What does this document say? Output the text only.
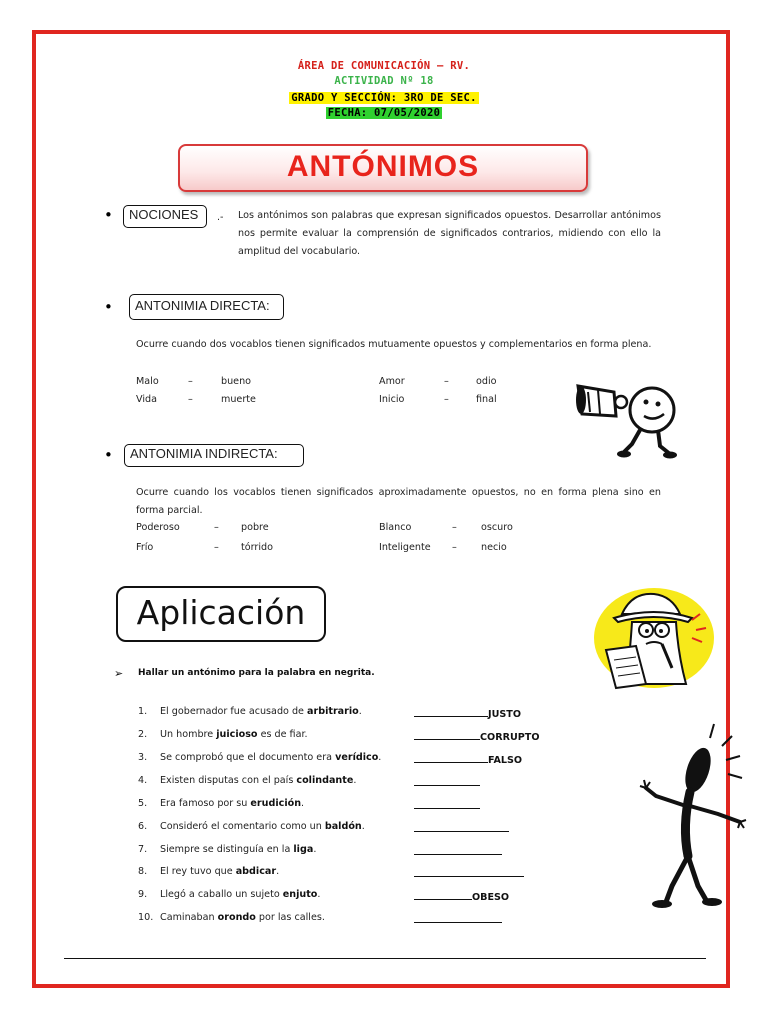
ÁREA DE COMUNICACIÓN – RV.
ACTIVIDAD Nº 18
GRADO Y SECCIÓN: 3RO DE SEC.
FECHA: 07/05/2020
ANTÓNIMOS
•	NOCIONES	.- Los antónimos son palabras que expresan significados opuestos. Desarrollar antónimos nos permite evaluar la comprensión de significados contrarios, midiendo con ello la amplitud del vocabulario.
•	ANTONIMIA DIRECTA:
Ocurre cuando dos vocablos tienen significados mutuamente opuestos y complementarios en forma plena.
Malo	–	bueno
Vida	–	muerte
Amor	–	odio
Inicio	–	final
•	ANTONIMIA INDIRECTA:
Ocurre cuando los vocablos tienen significados aproximadamente opuestos, no en forma plena sino en forma parcial.
Poderoso	– pobre
Frío	– tórrido
Blanco	–	oscuro
Inteligente –	necio
Aplicación
➢ Hallar un antónimo para la palabra en negrita.
1. El gobernador fue acusado de arbitrario.	JUSTO
2. Un hombre juicioso es de fiar.	CORRUPTO
3. Se comprobó que el documento era verídico.	FALSO
4. Existen disputas con el país colindante.
5. Era famoso por su erudición.
6. Consideró el comentario como un baldón.
7. Siempre se distinguía en la liga.
8. El rey tuvo que abdicar.
9. Llegó a caballo un sujeto enjuto.	OBESO
10. Caminaban orondo por las calles.
